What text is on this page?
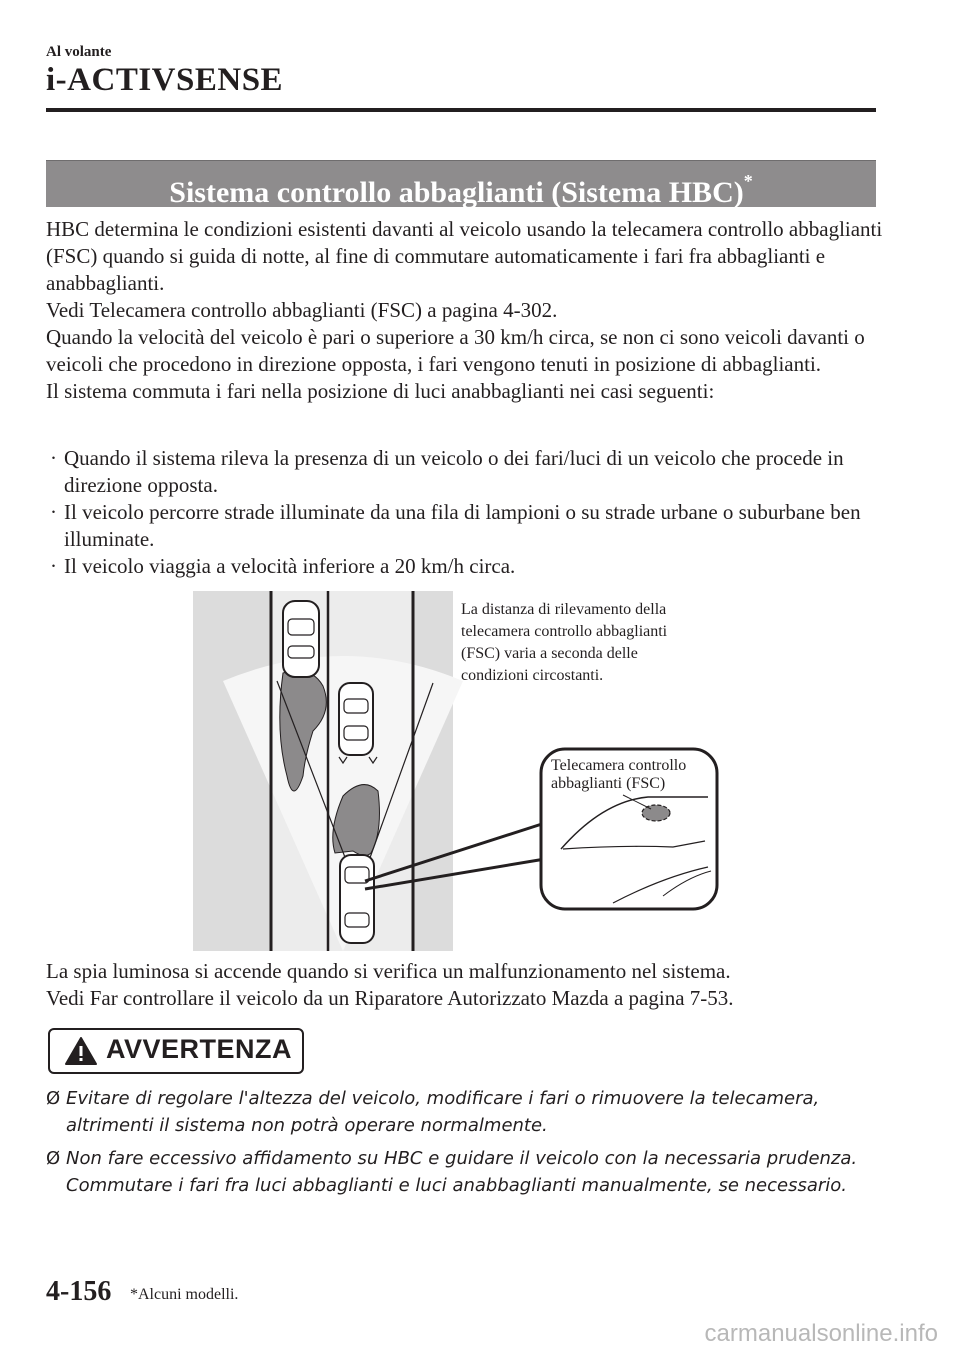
Al volante
i-ACTIVSENSE
Sistema controllo abbaglianti (Sistema HBC)*

HBC determina le condizioni esistenti davanti al veicolo usando la telecamera controllo abbaglianti (FSC) quando si guida di notte, al fine di commutare automaticamente i fari fra abbaglianti e anabbaglianti.

Vedi Telecamera controllo abbaglianti (FSC) a pagina 4-302.

Quando la velocità del veicolo è pari o superiore a 30 km/h circa, se non ci sono veicoli davanti o veicoli che procedono in direzione opposta, i fari vengono tenuti in posizione di abbaglianti.

Il sistema commuta i fari nella posizione di luci anabbaglianti nei casi seguenti:

· Quando il sistema rileva la presenza di un veicolo o dei fari/luci di un veicolo che procede in direzione opposta.
· Il veicolo percorre strade illuminate da una fila di lampioni o su strade urbane o suburbane ben illuminate.
· Il veicolo viaggia a velocità inferiore a 20 km/h circa.
La distanza di rilevamento della
telecamera controllo abbaglianti
(FSC) varia a seconda delle
condizioni circostanti.
Telecamera controllo
abbaglianti (FSC)

La spia luminosa si accende quando si verifica un malfunzionamento nel sistema.

Vedi Far controllare il veicolo da un Riparatore Autorizzato Mazda a pagina 7-53.

AVVERTENZA
Ø Evitare di regolare l'altezza del veicolo, modificare i fari o rimuovere la telecamera, altrimenti il sistema non potrà operare normalmente.
Ø Non fare eccessivo affidamento su HBC e guidare il veicolo con la necessaria prudenza. Commutare i fari fra luci abbaglianti e luci anabbaglianti manualmente, se necessario.
4-156 *Alcuni modelli.
carmanualsonline.info
